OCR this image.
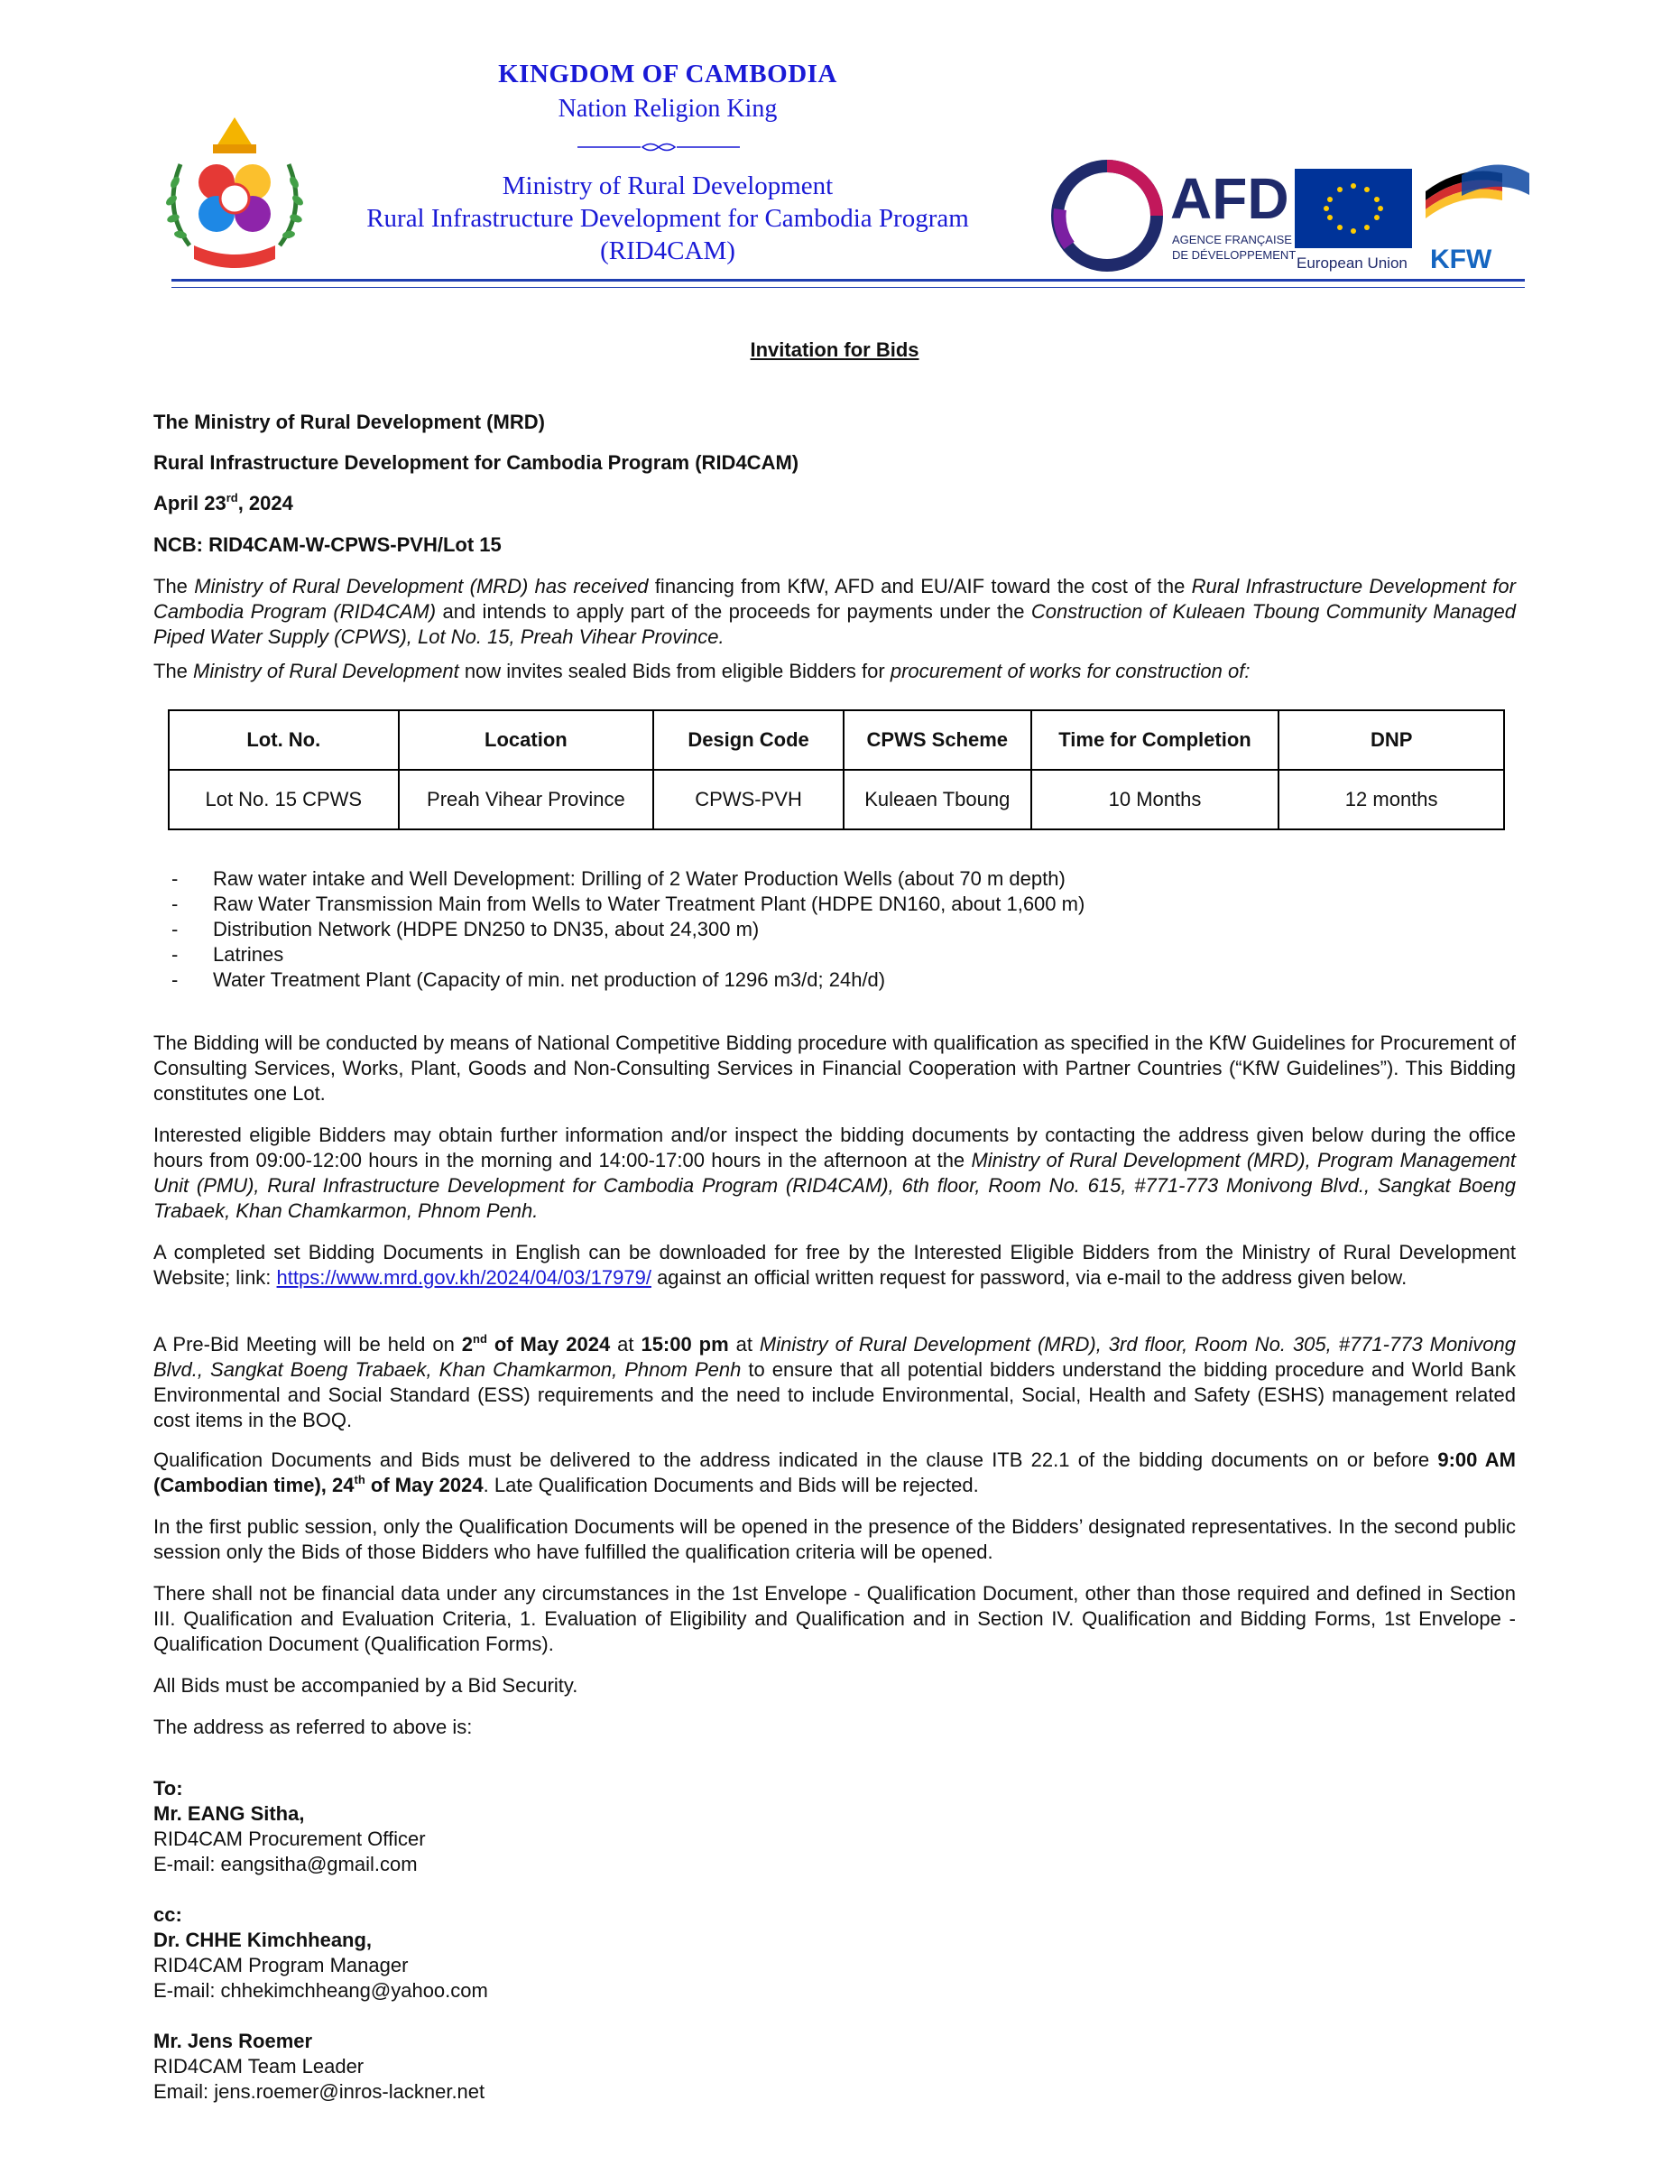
KINGDOM OF CAMBODIA
Nation Religion King
Ministry of Rural Development
Rural Infrastructure Development for Cambodia Program
(RID4CAM)
AFD
AGENCE FRANÇAISE
DE DÉVELOPPEMENT European Union KFW
Invitation for Bids
The Ministry of Rural Development (MRD)
Rural Infrastructure Development for Cambodia Program (RID4CAM)
April 23rd, 2024
NCB: RID4CAM-W-CPWS-PVH/Lot 15

The Ministry of Rural Development (MRD) has received financing from KfW, AFD and EU/AIF toward the cost of the Rural Infrastructure Development for Cambodia Program (RID4CAM) and intends to apply part of the proceeds for payments under the Construction of Kuleaen Tboung Community Managed Piped Water Supply (CPWS), Lot No. 15, Preah Vihear Province.

The Ministry of Rural Development now invites sealed Bids from eligible Bidders for procurement of works for construction of:

Lot. No.	Location	Design Code	CPWS Scheme	Time for Completion	DNP
Lot No. 15 CPWS	Preah Vihear Province	CPWS-PVH	Kuleaen Tboung	10 Months	12 months
- Raw water intake and Well Development: Drilling of 2 Water Production Wells (about 70 m depth)
- Raw Water Transmission Main from Wells to Water Treatment Plant (HDPE DN160, about 1,600 m)
- Distribution Network (HDPE DN250 to DN35, about 24,300 m)
- Latrines
- Water Treatment Plant (Capacity of min. net production of 1296 m3/d; 24h/d)

The Bidding will be conducted by means of National Competitive Bidding procedure with qualification as specified in the KfW Guidelines for Procurement of Consulting Services, Works, Plant, Goods and Non-Consulting Services in Financial Cooperation with Partner Countries (“KfW Guidelines”). This Bidding constitutes one Lot.

Interested eligible Bidders may obtain further information and/or inspect the bidding documents by contacting the address given below during the office hours from 09:00-12:00 hours in the morning and 14:00-17:00 hours in the afternoon at the Ministry of Rural Development (MRD), Program Management Unit (PMU), Rural Infrastructure Development for Cambodia Program (RID4CAM), 6th floor, Room No. 615, #771-773 Monivong Blvd., Sangkat Boeng Trabaek, Khan Chamkarmon, Phnom Penh.

A completed set Bidding Documents in English can be downloaded for free by the Interested Eligible Bidders from the Ministry of Rural Development Website; link: https://www.mrd.gov.kh/2024/04/03/17979/ against an official written request for password, via e-mail to the address given below.

A Pre-Bid Meeting will be held on 2nd of May 2024 at 15:00 pm at Ministry of Rural Development (MRD), 3rd floor, Room No. 305, #771-773 Monivong Blvd., Sangkat Boeng Trabaek, Khan Chamkarmon, Phnom Penh to ensure that all potential bidders understand the bidding procedure and World Bank Environmental and Social Standard (ESS) requirements and the need to include Environmental, Social, Health and Safety (ESHS) management related cost items in the BOQ.

Qualification Documents and Bids must be delivered to the address indicated in the clause ITB 22.1 of the bidding documents on or before 9:00 AM (Cambodian time), 24th of May 2024. Late Qualification Documents and Bids will be rejected.

In the first public session, only the Qualification Documents will be opened in the presence of the Bidders’ designated representatives. In the second public session only the Bids of those Bidders who have fulfilled the qualification criteria will be opened.

There shall not be financial data under any circumstances in the 1st Envelope - Qualification Document, other than those required and defined in Section III. Qualification and Evaluation Criteria, 1. Evaluation of Eligibility and Qualification and in Section IV. Qualification and Bidding Forms, 1st Envelope - Qualification Document (Qualification Forms).

All Bids must be accompanied by a Bid Security.

The address as referred to above is:

To:
Mr. EANG Sitha,
RID4CAM Procurement Officer
E-mail: eangsitha@gmail.com
cc:
Dr. CHHE Kimchheang,
RID4CAM Program Manager
E-mail: chhekimchheang@yahoo.com
Mr. Jens Roemer
RID4CAM Team Leader
Email: jens.roemer@inros-lackner.net
